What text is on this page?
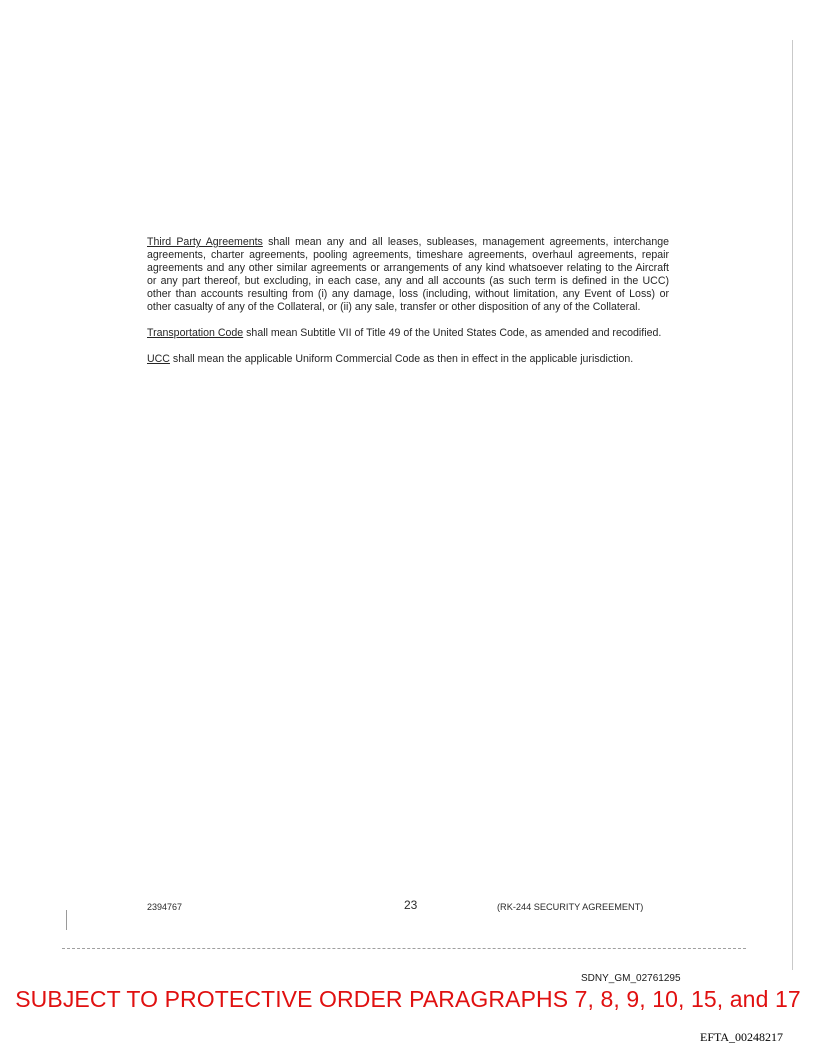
Third Party Agreements shall mean any and all leases, subleases, management agreements, interchange agreements, charter agreements, pooling agreements, timeshare agreements, overhaul agreements, repair agreements and any other similar agreements or arrangements of any kind whatsoever relating to the Aircraft or any part thereof, but excluding, in each case, any and all accounts (as such term is defined in the UCC) other than accounts resulting from (i) any damage, loss (including, without limitation, any Event of Loss) or other casualty of any of the Collateral, or (ii) any sale, transfer or other disposition of any of the Collateral.

Transportation Code shall mean Subtitle VII of Title 49 of the United States Code, as amended and recodified.

UCC shall mean the applicable Uniform Commercial Code as then in effect in the applicable jurisdiction.

2394767	23	(RK-244 SECURITY AGREEMENT)
SDNY_GM_02761295
SUBJECT TO PROTECTIVE ORDER PARAGRAPHS 7, 8, 9, 10, 15, and 17
EFTA_00248217
